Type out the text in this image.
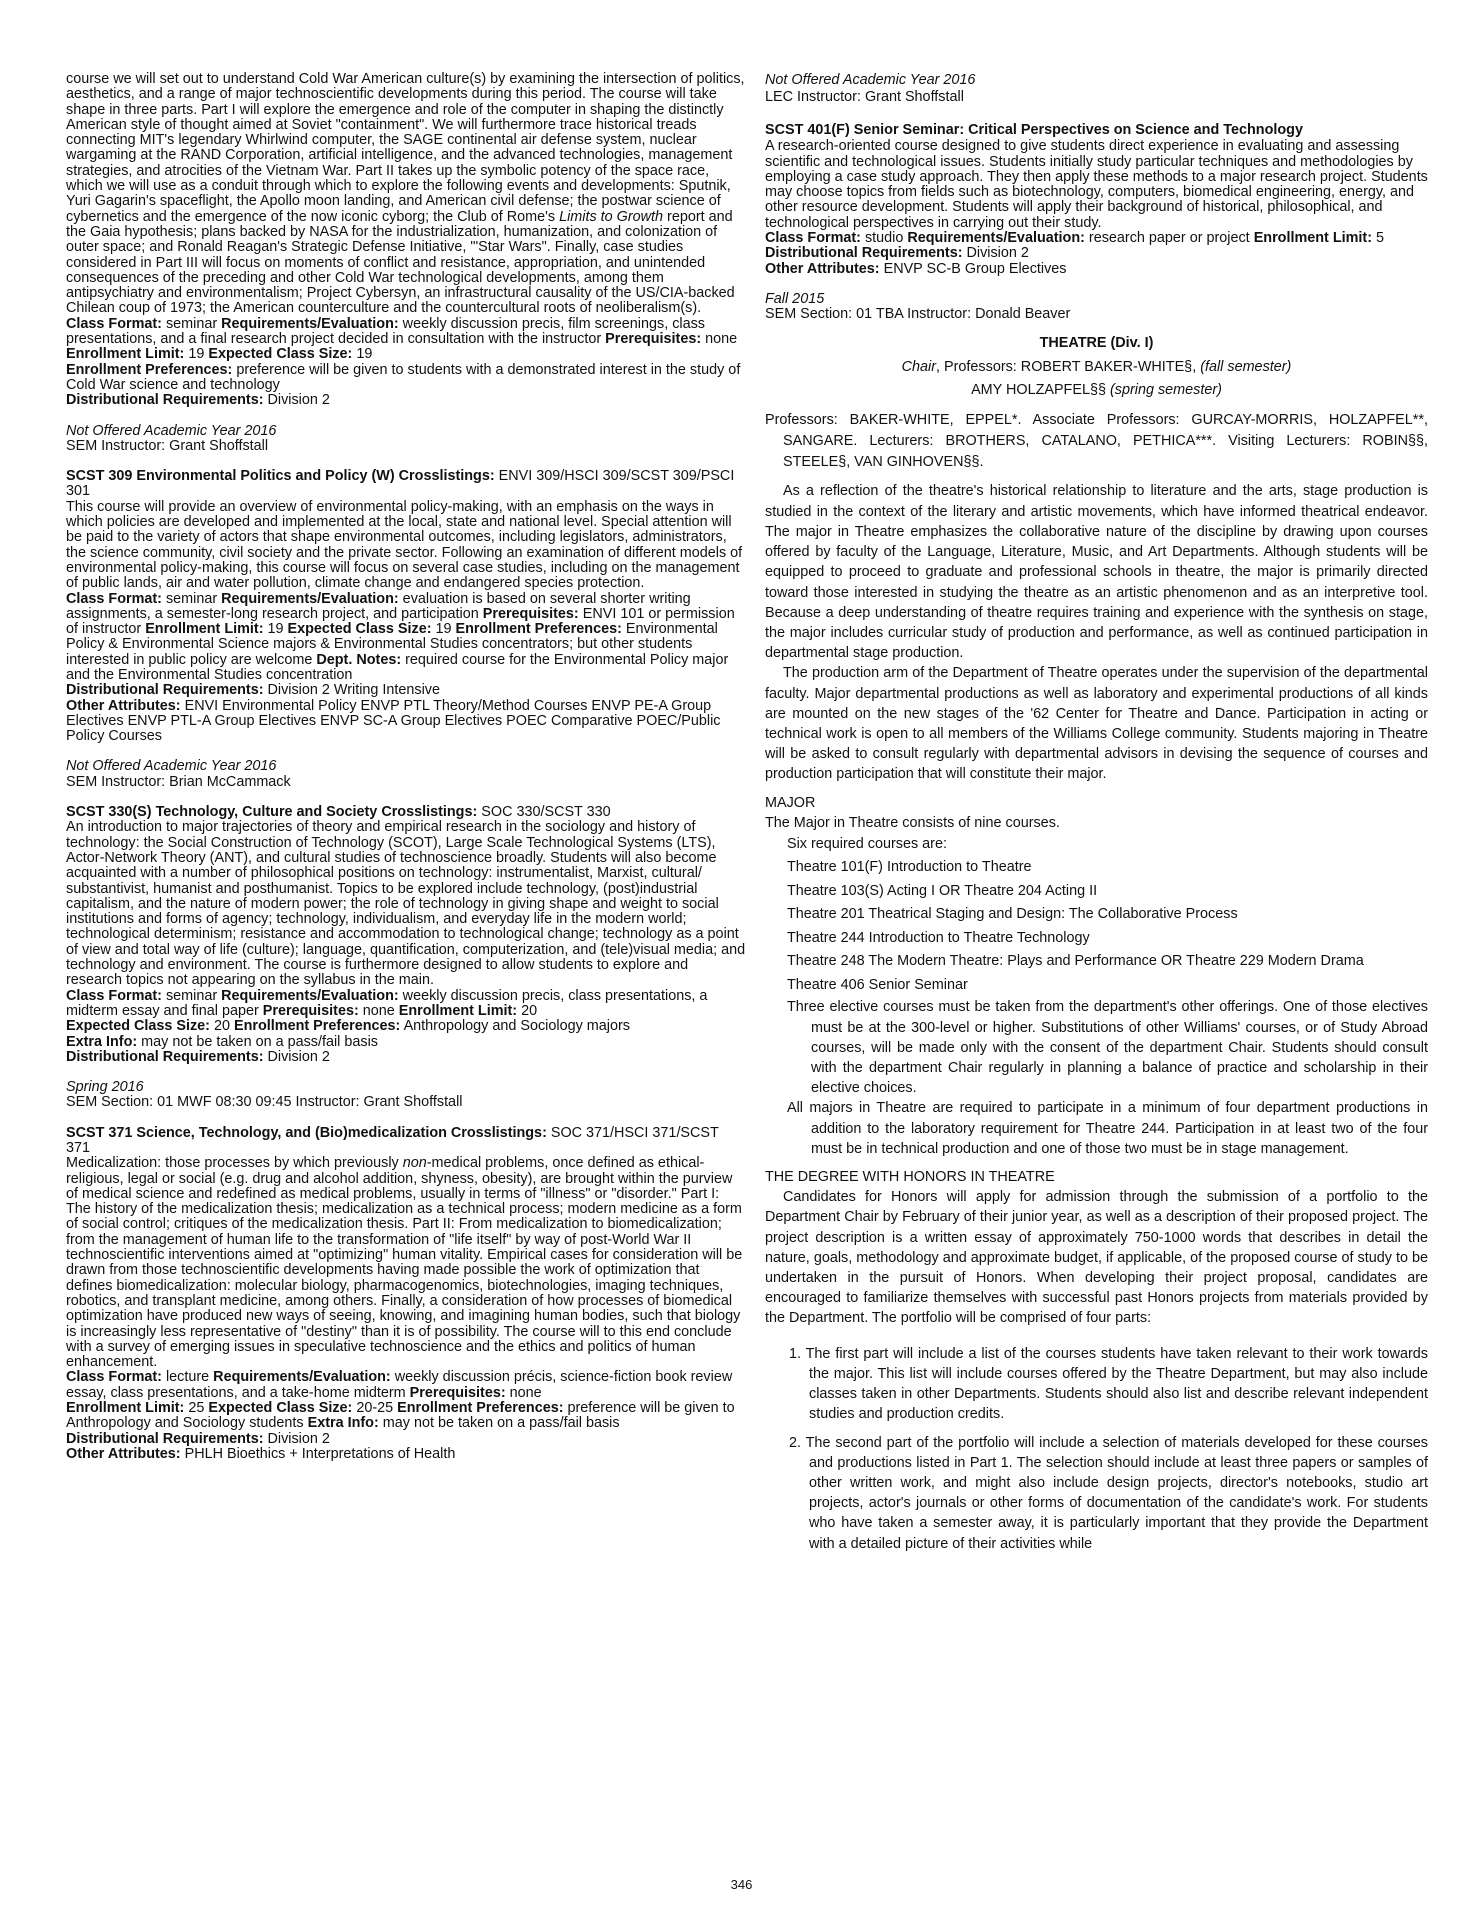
course we will set out to understand Cold War American culture(s) by examining the intersection of politics, aesthetics, and a range of major technoscientific developments during this period. The course will take shape in three parts. Part I will explore the emergence and role of the computer in shaping the distinctly American style of thought aimed at Soviet "containment". We will furthermore trace historical treads connecting MIT's legendary Whirlwind computer, the SAGE continental air defense system, nuclear wargaming at the RAND Corporation, artificial intelligence, and the advanced technologies, management strategies, and atrocities of the Vietnam War. Part II takes up the symbolic potency of the space race, which we will use as a conduit through which to explore the following events and developments: Sputnik, Yuri Gagarin's spaceflight, the Apollo moon landing, and American civil defense; the postwar science of cybernetics and the emergence of the now iconic cyborg; the Club of Rome's Limits to Growth report and the Gaia hypothesis; plans backed by NASA for the industrialization, humanization, and colonization of outer space; and Ronald Reagan's Strategic Defense Initiative, "'Star Wars". Finally, case studies considered in Part III will focus on moments of conflict and resistance, appropriation, and unintended consequences of the preceding and other Cold War technological developments, among them antipsychiatry and environmentalism; Project Cybersyn, an infrastructural causality of the US/CIA-backed Chilean coup of 1973; the American counterculture and the countercultural roots of neoliberalism(s).
Class Format: seminar Requirements/Evaluation: weekly discussion precis, film screenings, class presentations, and a final research project decided in consultation with the instructor Prerequisites: none Enrollment Limit: 19 Expected Class Size: 19
Enrollment Preferences: preference will be given to students with a demonstrated interest in the study of Cold War science and technology
Distributional Requirements: Division 2

Not Offered Academic Year 2016

SEM Instructor: Grant Shoffstall

SCST 309 Environmental Politics and Policy (W) Crosslistings: ENVI 309/HSCI 309/SCST 309/PSCI 301

This course will provide an overview of environmental policy-making, with an emphasis on the ways in which policies are developed and implemented at the local, state and national level. Special attention will be paid to the variety of actors that shape environmental outcomes, including legislators, administrators, the science community, civil society and the private sector. Following an examination of different models of environmental policy-making, this course will focus on several case studies, including on the management of public lands, air and water pollution, climate change and endangered species protection.
Class Format: seminar Requirements/Evaluation: evaluation is based on several shorter writing assignments, a semester-long research project, and participation Prerequisites: ENVI 101 or permission of instructor Enrollment Limit: 19 Expected Class Size: 19 Enrollment Preferences: Environmental Policy & Environmental Science majors & Environmental Studies concentrators; but other students interested in public policy are welcome Dept. Notes: required course for the Environmental Policy major and the Environmental Studies concentration
Distributional Requirements: Division 2 Writing Intensive
Other Attributes: ENVI Environmental Policy ENVP PTL Theory/Method Courses ENVP PE-A Group Electives ENVP PTL-A Group Electives ENVP SC-A Group Electives POEC Comparative POEC/Public Policy Courses

Not Offered Academic Year 2016

SEM Instructor: Brian McCammack

SCST 330(S) Technology, Culture and Society Crosslistings: SOC 330/SCST 330

An introduction to major trajectories of theory and empirical research in the sociology and history of technology: the Social Construction of Technology (SCOT), Large Scale Technological Systems (LTS), Actor-Network Theory (ANT), and cultural studies of technoscience broadly. Students will also become acquainted with a number of philosophical positions on technology: instrumentalist, Marxist, cultural/ substantivist, humanist and posthumanist. Topics to be explored include technology, (post)industrial capitalism, and the nature of modern power; the role of technology in giving shape and weight to social institutions and forms of agency; technology, individualism, and everyday life in the modern world; technological determinism; resistance and accommodation to technological change; technology as a point of view and total way of life (culture); language, quantification, computerization, and (tele)visual media; and technology and environment. The course is furthermore designed to allow students to explore and research topics not appearing on the syllabus in the main.
Class Format: seminar Requirements/Evaluation: weekly discussion precis, class presentations, a midterm essay and final paper Prerequisites: none Enrollment Limit: 20
Expected Class Size: 20 Enrollment Preferences: Anthropology and Sociology majors
Extra Info: may not be taken on a pass/fail basis
Distributional Requirements: Division 2

Spring 2016

SEM Section: 01 MWF 08:30 09:45 Instructor: Grant Shoffstall

SCST 371 Science, Technology, and (Bio)medicalization Crosslistings: SOC 371/HSCI 371/SCST 371

Medicalization: those processes by which previously non-medical problems, once defined as ethical-religious, legal or social (e.g. drug and alcohol addition, shyness, obesity), are brought within the purview of medical science and redefined as medical problems, usually in terms of "illness" or "disorder." Part I: The history of the medicalization thesis; medicalization as a technical process; modern medicine as a form of social control; critiques of the medicalization thesis. Part II: From medicalization to biomedicalization; from the management of human life to the transformation of "life itself" by way of post-World War II technoscientific interventions aimed at "optimizing" human vitality. Empirical cases for consideration will be drawn from those technoscientific developments having made possible the work of optimization that defines biomedicalization: molecular biology, pharmacogenomics, biotechnologies, imaging techniques, robotics, and transplant medicine, among others. Finally, a consideration of how processes of biomedical optimization have produced new ways of seeing, knowing, and imagining human bodies, such that biology is increasingly less representative of "destiny" than it is of possibility. The course will to this end conclude with a survey of emerging issues in speculative technoscience and the ethics and politics of human enhancement.
Class Format: lecture Requirements/Evaluation: weekly discussion précis, science-fiction book review essay, class presentations, and a take-home midterm Prerequisites: none
Enrollment Limit: 25 Expected Class Size: 20-25 Enrollment Preferences: preference will be given to Anthropology and Sociology students Extra Info: may not be taken on a pass/fail basis
Distributional Requirements: Division 2
Other Attributes: PHLH Bioethics + Interpretations of Health

Not Offered Academic Year 2016

LEC Instructor: Grant Shoffstall

SCST 401(F) Senior Seminar: Critical Perspectives on Science and Technology

A research-oriented course designed to give students direct experience in evaluating and assessing scientific and technological issues. Students initially study particular techniques and methodologies by employing a case study approach. They then apply these methods to a major research project. Students may choose topics from fields such as biotechnology, computers, biomedical engineering, energy, and other resource development. Students will apply their background of historical, philosophical, and technological perspectives in carrying out their study.
Class Format: studio Requirements/Evaluation: research paper or project Enrollment Limit: 5
Distributional Requirements: Division 2
Other Attributes: ENVP SC-B Group Electives

Fall 2015

SEM Section: 01 TBA Instructor: Donald Beaver

THEATRE (Div. I)

Chair, Professors: ROBERT BAKER-WHITE§, (fall semester)

AMY HOLZAPFEL§§ (spring semester)

Professors: BAKER-WHITE, EPPEL*. Associate Professors: GURCAY-MORRIS, HOLZAPFEL**, SANGARE. Lecturers: BROTHERS, CATALANO, PETHICA***. Visiting Lecturers: ROBIN§§, STEELE§, VAN GINHOVEN§§.

As a reflection of the theatre's historical relationship to literature and the arts, stage production is studied in the context of the literary and artistic movements, which have informed theatrical endeavor. The major in Theatre emphasizes the collaborative nature of the discipline by drawing upon courses offered by faculty of the Language, Literature, Music, and Art Departments. Although students will be equipped to proceed to graduate and professional schools in theatre, the major is primarily directed toward those interested in studying the theatre as an artistic phenomenon and as an interpretive tool. Because a deep understanding of theatre requires training and experience with the synthesis on stage, the major includes curricular study of production and performance, as well as continued participation in departmental stage production.

The production arm of the Department of Theatre operates under the supervision of the departmental faculty. Major departmental productions as well as laboratory and experimental productions of all kinds are mounted on the new stages of the '62 Center for Theatre and Dance. Participation in acting or technical work is open to all members of the Williams College community. Students majoring in Theatre will be asked to consult regularly with departmental advisors in devising the sequence of courses and production participation that will constitute their major.

MAJOR

The Major in Theatre consists of nine courses.

Six required courses are:

Theatre 101(F) Introduction to Theatre

Theatre 103(S) Acting I OR Theatre 204 Acting II

Theatre 201 Theatrical Staging and Design: The Collaborative Process

Theatre 244 Introduction to Theatre Technology

Theatre 248 The Modern Theatre: Plays and Performance OR Theatre 229 Modern Drama

Theatre 406 Senior Seminar

Three elective courses must be taken from the department's other offerings. One of those electives must be at the 300-level or higher. Substitutions of other Williams' courses, or of Study Abroad courses, will be made only with the consent of the department Chair. Students should consult with the department Chair regularly in planning a balance of practice and scholarship in their elective choices.

All majors in Theatre are required to participate in a minimum of four department productions in addition to the laboratory requirement for Theatre 244. Participation in at least two of the four must be in technical production and one of those two must be in stage management.

THE DEGREE WITH HONORS IN THEATRE

Candidates for Honors will apply for admission through the submission of a portfolio to the Department Chair by February of their junior year, as well as a description of their proposed project. The project description is a written essay of approximately 750-1000 words that describes in detail the nature, goals, methodology and approximate budget, if applicable, of the proposed course of study to be undertaken in the pursuit of Honors. When developing their project proposal, candidates are encouraged to familiarize themselves with successful past Honors projects from materials provided by the Department. The portfolio will be comprised of four parts:

1. The first part will include a list of the courses students have taken relevant to their work towards the major. This list will include courses offered by the Theatre Department, but may also include classes taken in other Departments. Students should also list and describe relevant independent studies and production credits.

2. The second part of the portfolio will include a selection of materials developed for these courses and productions listed in Part 1. The selection should include at least three papers or samples of other written work, and might also include design projects, director's notebooks, studio art projects, actor's journals or other forms of documentation of the candidate's work. For students who have taken a semester away, it is particularly important that they provide the Department with a detailed picture of their activities while

346
